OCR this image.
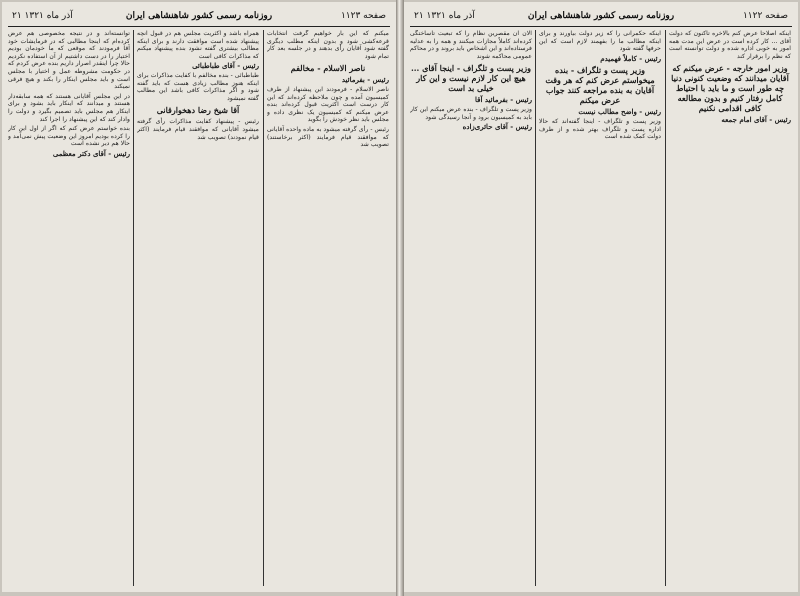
۲۱ آذر ماه ۱۳۲۱	روزنامه رسمی کشور شاهنشاهی ایران	صفحه ۱۱۲۳

توانسته‌اند و در نتیجه مخصوصی هم عرض کرده‌ام که اینجا مطالبی که در فرمایشات خود آقا فرمودند که موقعی که ما خودمان بودیم اختیار را در دست داشتیم از آن استفاده نکردیم حالا چرا اینقدر اصرار داریم بنده عرض کردم که در حکومت مشروطه عمل و اختیار با مجلس است و باید مجلس اینکار را بکند و هیچ فرقی نمیکند

در این مجلس آقایانی هستند که همه سابقه‌دار هستند و میدانند که اینکار باید بشود و برای اینکار هم مجلس باید تصمیم بگیرد و دولت را وادار کند که این پیشنهاد را اجرا کند

بنده خواستم عرض کنم که اگر از اول این کار را کرده بودیم امروز این وضعیت پیش نمی‌آمد و حالا هم دیر نشده است

رئیس - آقای دکتر معظمی

همراه باشد و اکثریت مجلس هم در قبول آنچه پیشنهاد شده است موافقت دارند و برای اینکه مطالب بیشتری گفته نشود بنده پیشنهاد میکنم که مذاکرات کافی است

رئیس - آقای طباطبائی

طباطبائی - بنده مخالفم با کفایت مذاکرات برای اینکه هنوز مطالب زیادی هست که باید گفته شود و اگر مذاکرات کافی باشد این مطالب گفته نمیشود

آقا شیخ رضا دهخوارقانی

رئیس - پیشنهاد کفایت مذاکرات رأی گرفته میشود آقایانی که موافقند قیام فرمایند (اکثر قیام نمودند) تصویب شد

میکنم که این بار خواهیم گرفت انتخابات قرعه‌کشی شود و بدون اینکه مطلب دیگری گفته شود آقایان رأی بدهند و در جلسه بعد کار تمام شود

ناصر الاسلام - مخالفم

رئیس - بفرمائید

ناصر الاسلام - فرمودند این پیشنهاد از طرف کمیسیون آمده و چون ملاحظه کرده‌اند که این کار درست است اکثریت قبول کرده‌اند بنده عرض میکنم که کمیسیون یک نظری داده و مجلس باید نظر خودش را بگوید

رئیس - رأی گرفته میشود به ماده واحده آقایانی که موافقند قیام فرمایند (اکثر برخاستند) تصویب شد

۲۱ آذر ماه ۱۳۲۱	روزنامه رسمی کشور شاهنشاهی ایران	صفحه ۱۱۲۲

الان آن مقصرین نظام را که تبعیت تاساختگی کرده‌اند کاملاً مجازات میکنند و همه را به عدلیه فرستاده‌اند و این اشخاص باید بروند و در محاکم عمومی محاکمه شوند

وزیر پست و تلگراف - اینجا آقای ... هیچ این کار لازم نیست و این کار خیلی بد است

رئیس - بفرمائید آقا

وزیر پست و تلگراف - بنده عرض میکنم این کار باید به کمیسیون برود و آنجا رسیدگی شود

رئیس - آقای حائری‌زاده

اینکه حکمرانی را که زیر دولت بیاورند و برای اینکه مطالب ما را بفهمند لازم است که این حرفها گفته شود

رئیس - کاملاً فهمیدم

وزیر پست و تلگراف - بنده میخواستم عرض کنم که هر وقت آقایان به بنده مراجعه کنند جواب عرض میکنم

رئیس - واضح مطالب نیست

وزیر پست و تلگراف - اینجا گفته‌اند که حالا اداره پست و تلگراف بهتر شده و از طرف دولت کمک شده است

اینکه اصلاحاً عرض کنم بالاخره تاکنون که دولت آقای ... کار کرده است در عرض این مدت همه امور به خوبی اداره شده و دولت توانسته است که نظم را برقرار کند

وزیر امور خارجه - عرض میکنم که آقایان میدانند که وضعیت کنونی دنیا چه طور است و ما باید با احتیاط کامل رفتار کنیم و بدون مطالعه کافی اقدامی نکنیم

رئیس - آقای امام جمعه
